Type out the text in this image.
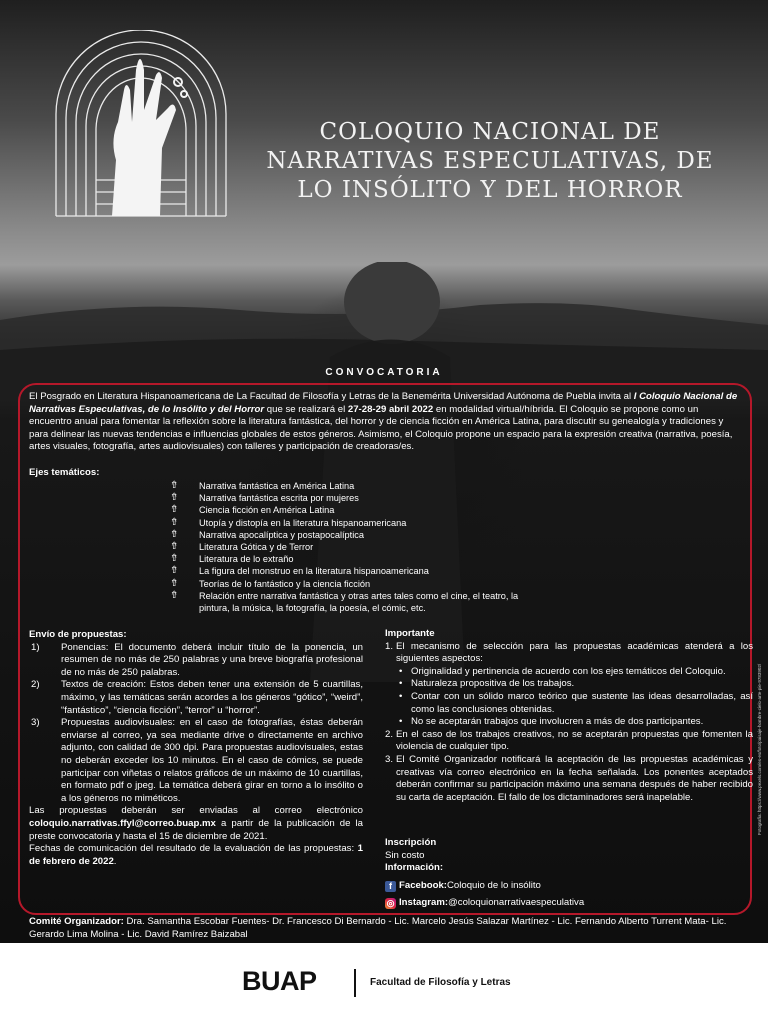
COLOQUIO NACIONAL DE
NARRATIVAS ESPECULATIVAS, DE
LO INSÓLITO Y DEL HORROR
CONVOCATORIA
El Posgrado en Literatura Hispanoamericana de La Facultad de Filosofía y Letras de la Benemérita Universidad Autónoma de Puebla invita al I Coloquio Nacional de Narrativas Especulativas, de lo Insólito y del Horror que se realizará el 27-28-29 abril 2022 en modalidad virtual/híbrida. El Coloquio se propone como un encuentro anual para fomentar la reflexión sobre la literatura fantástica, del horror y de ciencia ficción en América Latina, para discutir su genealogía y tradiciones y para delinear las nuevas tendencias e influencias globales de estos géneros. Asimismo, el Coloquio propone un espacio para la expresión creativa (narrativa, poesía, artes visuales, fotografía, artes audiovisuales) con talleres y participación de creadoras/es.
Ejes temáticos:
⇮ Narrativa fantástica en América Latina
⇮ Narrativa fantástica escrita por mujeres
⇮ Ciencia ficción en América Latina
⇮ Utopía y distopía en la literatura hispanoamericana
⇮ Narrativa apocalíptica y postapocalíptica
⇮ Literatura Gótica y de Terror
⇮ Literatura de lo extraño
⇮ La figura del monstruo en la literatura hispanoamericana
⇮ Teorías de lo fantástico y la ciencia ficción
⇮ Relación entre narrativa fantástica y otras artes tales como el cine, el teatro, la pintura, la música, la fotografía, la poesía, el cómic, etc.
Envío de propuestas:
1) Ponencias: El documento deberá incluir título de la ponencia, un resumen de no más de 250 palabras y una breve biografía profesional de no más de 250 palabras.
2) Textos de creación: Estos deben tener una extensión de 5 cuartillas, máximo, y las temáticas serán acordes a los géneros “gótico”, “weird”, “fantástico”, “ciencia ficción”, “terror” u “horror”.
3) Propuestas audiovisuales: en el caso de fotografías, éstas deberán enviarse al correo, ya sea mediante drive o directamente en archivo adjunto, con calidad de 300 dpi. Para propuestas audiovisuales, estas no deberán exceder los 10 minutos. En el caso de cómics, se puede participar con viñetas o relatos gráficos de un máximo de 10 cuartillas, en formato pdf o jpeg. La temática deberá girar en torno a lo insólito o a los géneros no miméticos.
Las propuestas deberán ser enviadas al correo electrónico coloquio.narrativas.ffyl@correo.buap.mx a partir de la publicación de la preste convocatoria y hasta el 15 de diciembre de 2021.
Fechas de comunicación del resultado de la evaluación de las propuestas: 1 de febrero de 2022.
Importante
1. El mecanismo de selección para las propuestas académicas atenderá a los siguientes aspectos:
• Originalidad y pertinencia de acuerdo con los ejes temáticos del Coloquio.
• Naturaleza propositiva de los trabajos.
• Contar con un sólido marco teórico que sustente las ideas desarrolladas, así como las conclusiones obtenidas.
• No se aceptarán trabajos que involucren a más de dos participantes.
2. En el caso de los trabajos creativos, no se aceptarán propuestas que fomenten la violencia de cualquier tipo.
3. El Comité Organizador notificará la aceptación de las propuestas académicas y creativas vía correo electrónico en la fecha señalada. Los ponentes aceptados deberán confirmar su participación máximo una semana después de haber recibido su carta de aceptación. El fallo de los dictaminadores será inapelable.
Inscripción
Sin costo
Información:
f Facebook: Coloquio de lo insólito
◎ Instagram: @coloquionarrativaespeculativa
Comité Organizador: Dra. Samantha Escobar Fuentes- Dr. Francesco Di Bernardo - Lic. Marcelo Jesús Salazar Martínez - Lic. Fernando Alberto Turrent Mata- Lic. Gerardo Lima Molina - Lic. David Ramírez Baizabal
Fotografía: https://www.pexels.com/es-es/foto/paisaje-hombre-cielo-arte-pie-9783902/
BUAP	Facultad de Filosofía y Letras
